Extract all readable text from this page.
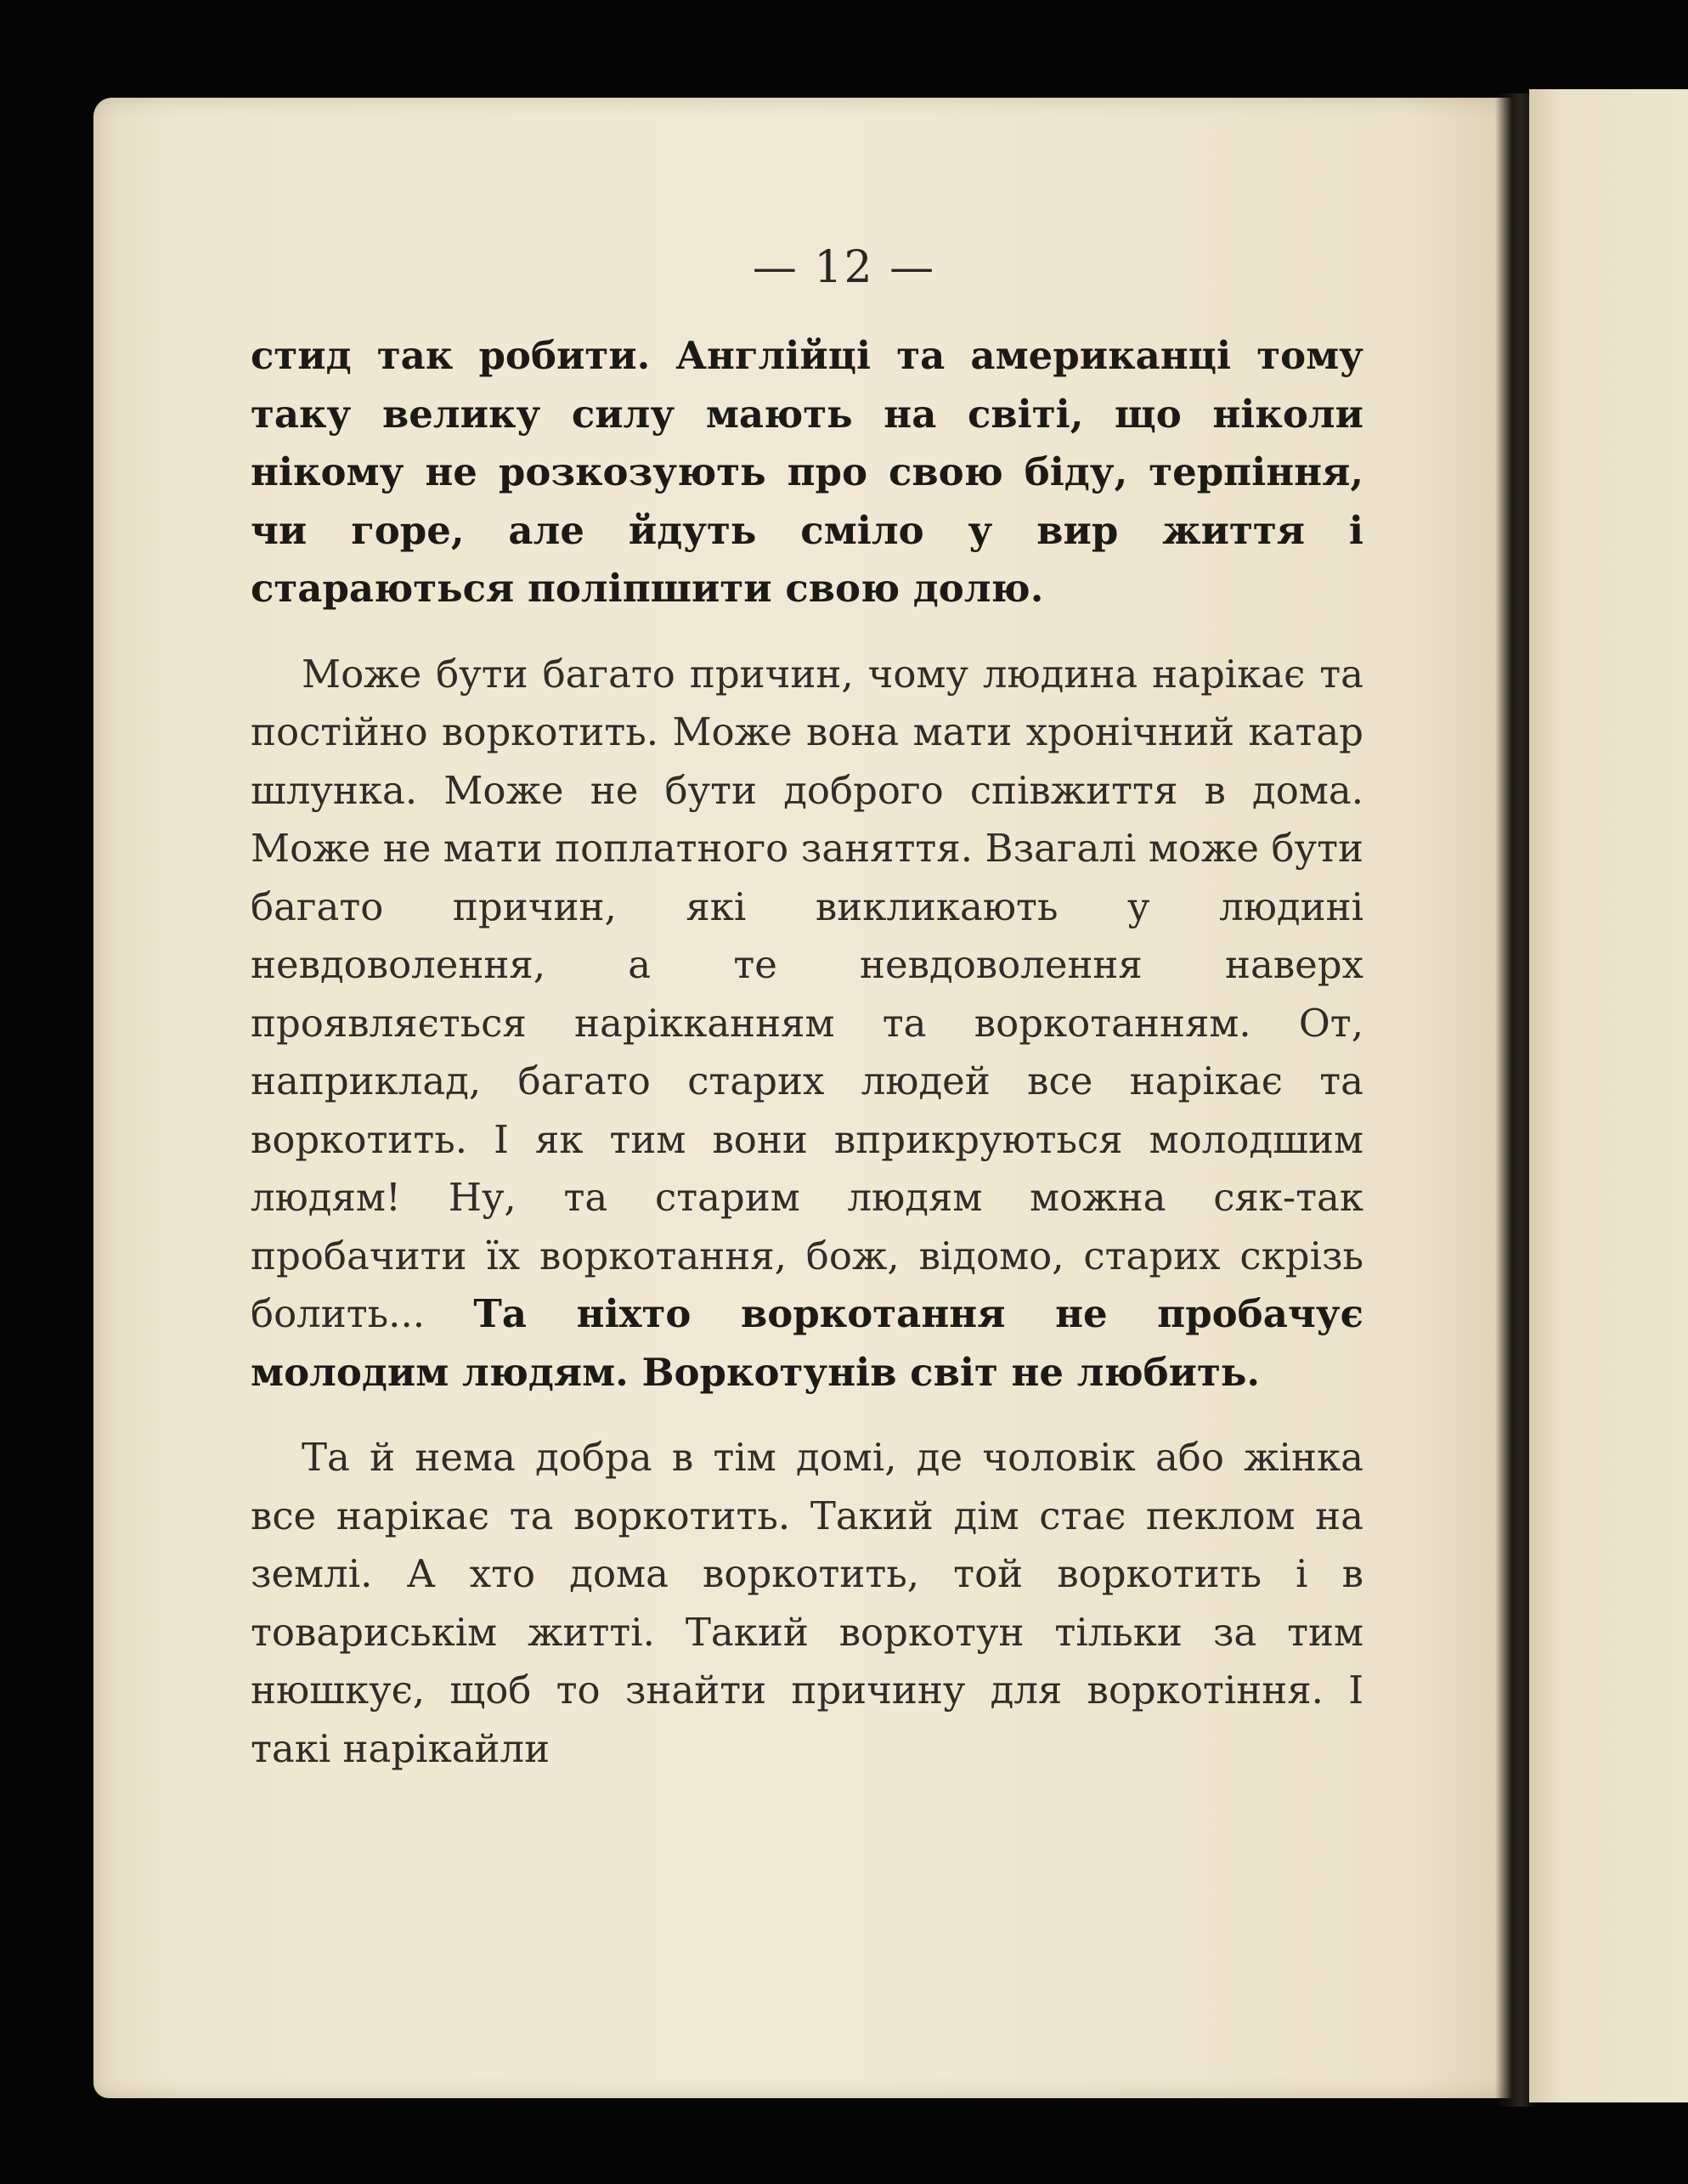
— 12 —

стид так робити. Англійці та американці тому таку велику силу мають на світі, що ніколи нікому не розкозують про свою біду, терпіння, чи горе, але йдуть сміло у вир життя і стараються поліпшити свою долю.

Може бути багато причин, чому людина нарікає та постійно воркотить. Може вона мати хронічний катар шлунка. Може не бути доброго співжиття в дома. Може не мати поплатного заняття. Взагалі може бути багато причин, які викликають у людині невдоволення, а те невдоволення наверх проявляється нарікканням та воркотанням. От, наприклад, багато старих людей все нарікає та воркотить. І як тим вони вприкруються молодшим людям! Ну, та старим людям можна сяк-так пробачити їх воркотання, бож, відомо, старих скрізь болить... Та ніхто воркотання не пробачує молодим людям. Воркотунів світ не любить.

Та й нема добра в тім домі, де чоловік або жінка все нарікає та воркотить. Такий дім стає пеклом на землі. А хто дома воркотить, той воркотить і в товариськім житті. Такий воркотун тільки за тим нюшкує, щоб то знайти причину для воркотіння. І такі нарікайли
